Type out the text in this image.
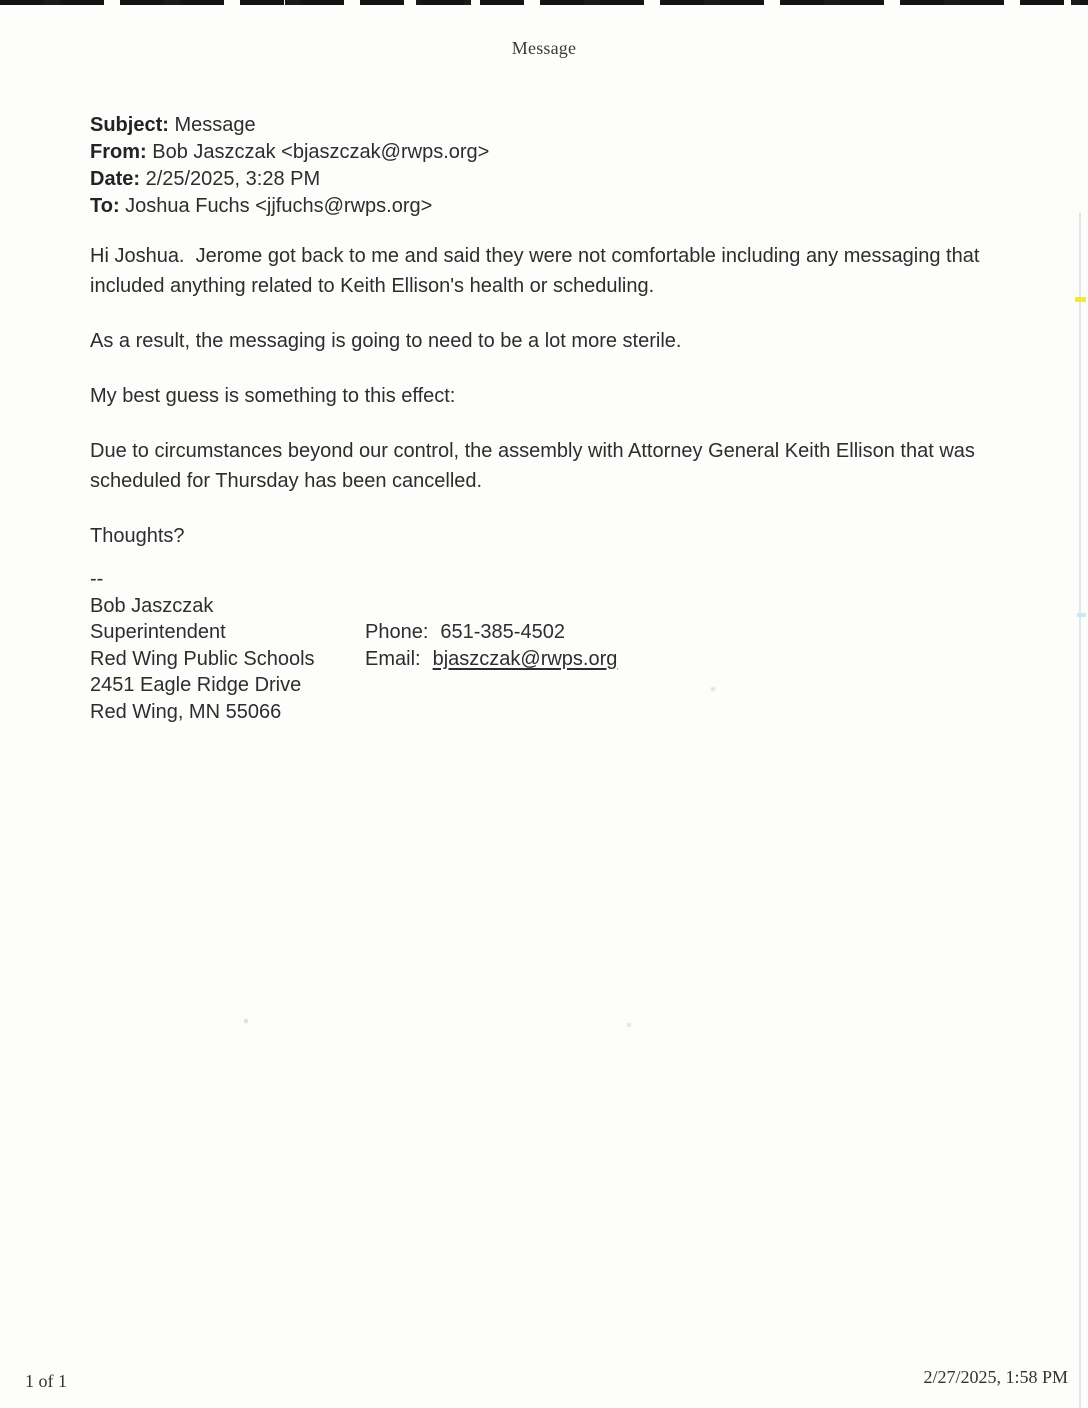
Message
Subject: Message
From: Bob Jaszczak <bjaszczak@rwps.org>
Date: 2/25/2025, 3:28 PM
To: Joshua Fuchs <jjfuchs@rwps.org>

Hi Joshua.  Jerome got back to me and said they were not comfortable including any messaging that included anything related to Keith Ellison's health or scheduling.

As a result, the messaging is going to need to be a lot more sterile.

My best guess is something to this effect:

Due to circumstances beyond our control, the assembly with Attorney General Keith Ellison that was scheduled for Thursday has been cancelled.

Thoughts?

--
Bob Jaszczak
Superintendent
Red Wing Public Schools
2451 Eagle Ridge Drive
Red Wing, MN 55066
Phone: 651-385-4502
Email: bjaszczak@rwps.org
1 of 1	2/27/2025, 1:58 PM
